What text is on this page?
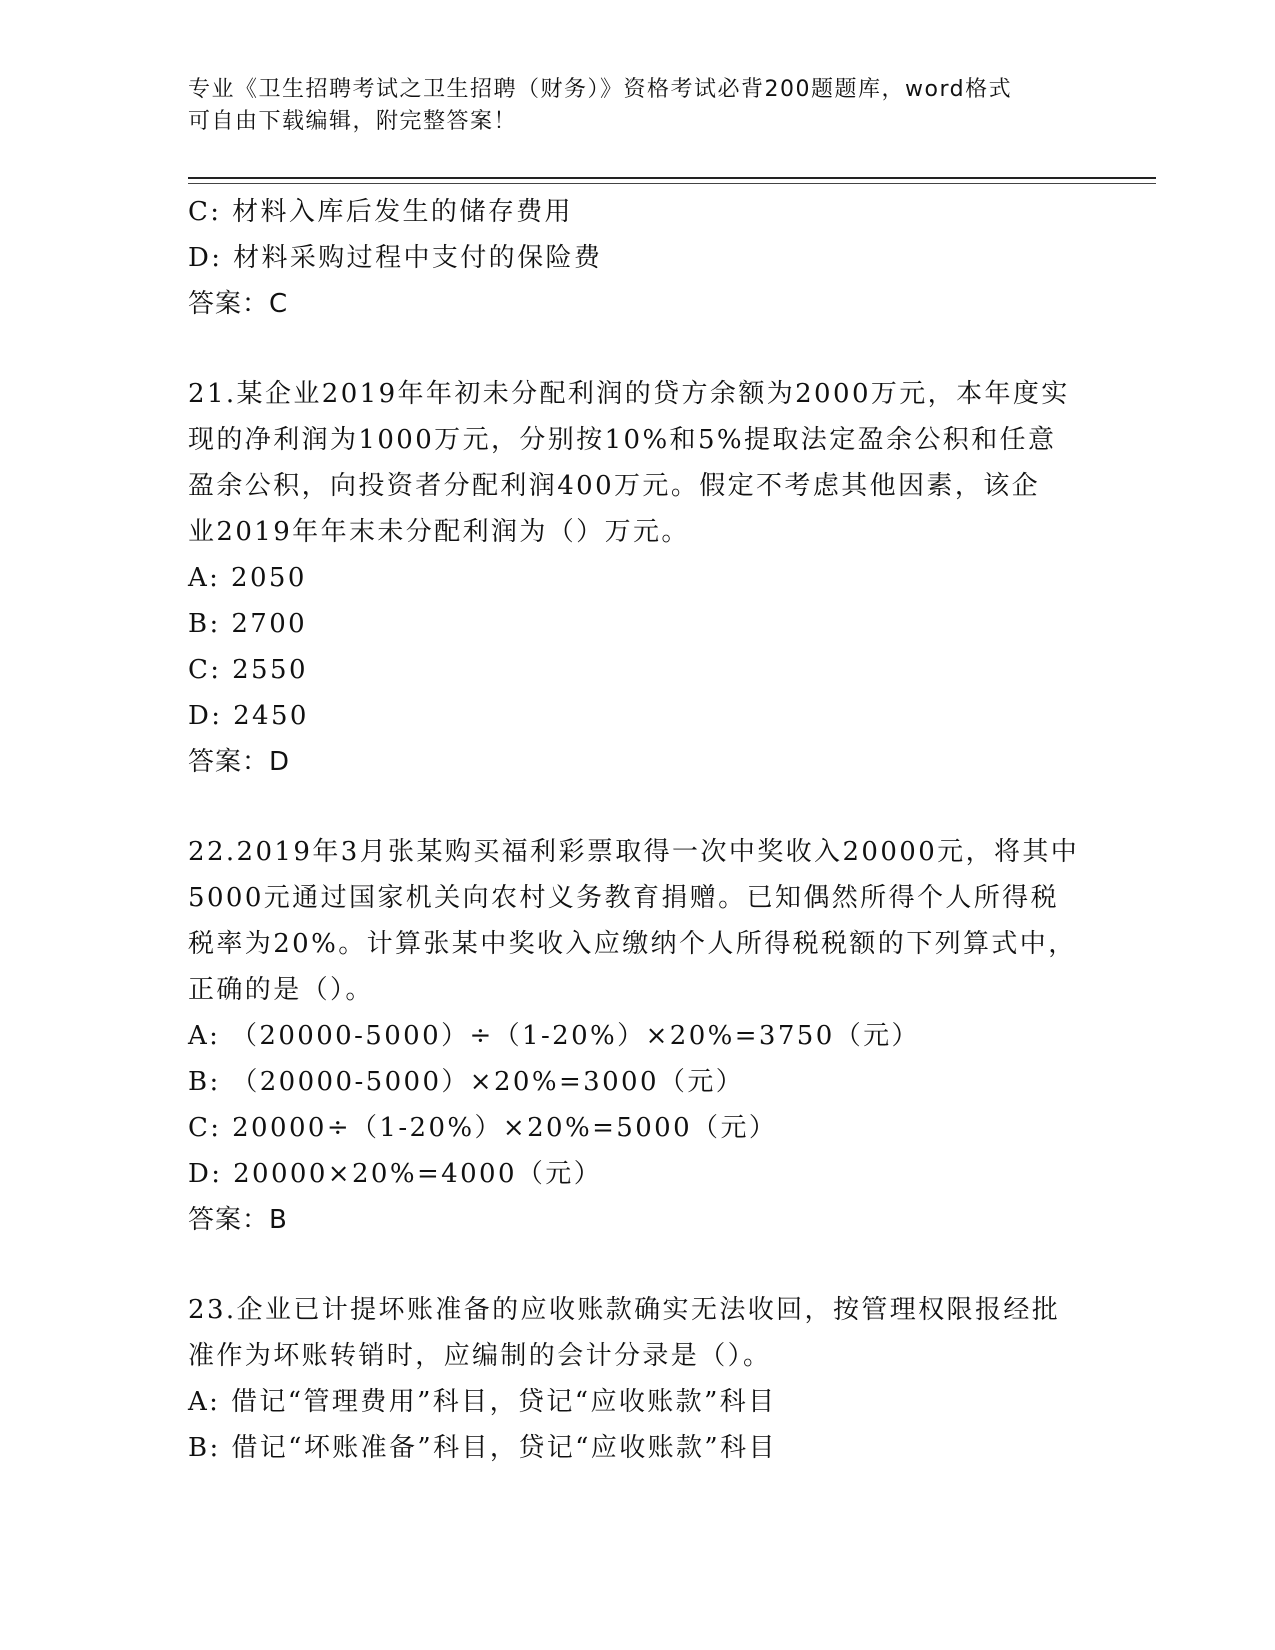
专业《卫生招聘考试之卫生招聘（财务）》资格考试必背200题题库，word格式
可自由下载编辑，附完整答案！
C: 材料入库后发生的储存费用
D: 材料采购过程中支付的保险费
答案：C
21.某企业2019年年初未分配利润的贷方余额为2000万元，本年度实
现的净利润为1000万元，分别按10%和5%提取法定盈余公积和任意
盈余公积，向投资者分配利润400万元。假定不考虑其他因素，该企
业2019年年末未分配利润为（）万元。
A: 2050
B: 2700
C: 2550
D: 2450
答案：D
22.2019年3月张某购买福利彩票取得一次中奖收入20000元，将其中
5000元通过国家机关向农村义务教育捐赠。已知偶然所得个人所得税
税率为20%。计算张某中奖收入应缴纳个人所得税税额的下列算式中，
正确的是（）。
A: （20000-5000）÷（1-20%）×20%=3750（元）
B: （20000-5000）×20%=3000（元）
C: 20000÷（1-20%）×20%=5000（元）
D: 20000×20%=4000（元）
答案：B
23.企业已计提坏账准备的应收账款确实无法收回，按管理权限报经批
准作为坏账转销时，应编制的会计分录是（）。
A: 借记“管理费用”科目，贷记“应收账款”科目
B: 借记“坏账准备”科目，贷记“应收账款”科目
